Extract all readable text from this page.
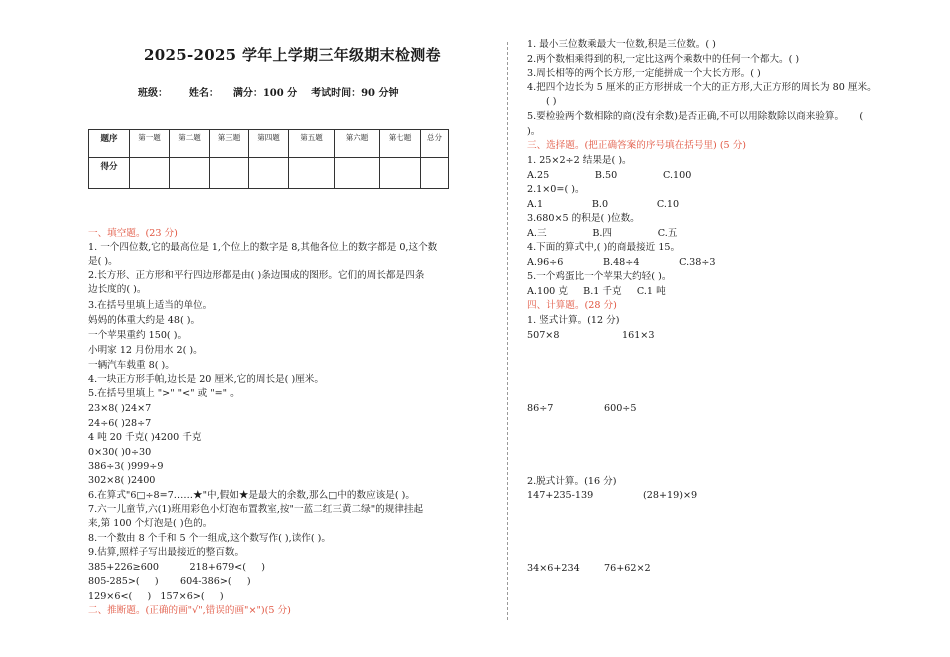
2025-2025 学年上学期三年级期末检测卷
班级：      姓名：    满分：100 分    考试时间：90 分钟
题序	第一题	第二题	第三题	第四题	第五题	第六题	第七题	总分
得分								
一、填空题。(23 分)
1. 一个四位数,它的最高位是 1,个位上的数字是 8,其他各位上的数字都是 0,这个数
是( )。
2.长方形、正方形和平行四边形都是由( )条边围成的图形。它们的周长都是四条
边长度的( )。
3.在括号里填上适当的单位。
妈妈的体重大约是 48( )。
一个苹果重约 150( )。
小明家 12 月份用水 2( )。
一辆汽车载重 8( )。
4.一块正方形手帕,边长是 20 厘米,它的周长是( )厘米。
5.在括号里填上 ">" "<" 或 "=" 。
23×8( )24×7
24÷6( )28÷7
4 吨 20 千克( )4200 千克
0×30( )0÷30
386÷3( )999÷9
302×8( )2400
6.在算式"6□÷8=7……★"中,假如★是最大的余数,那么□中的数应该是( )。
7.六一儿童节,六(1)班用彩色小灯泡布置教室,按"一蓝二红三黄二绿"的规律挂起
来,第 100 个灯泡是( )色的。
8.一个数由 8 个千和 5 个一组成,这个数写作( ),读作( )。
9.估算,照样子写出最接近的整百数。
385+226≥600          218+679<(     )
805-285>(     )       604-386>(     )
129×6<(     )   157×6>(     )
二、推断题。(正确的画"√",错误的画"×")(5 分)
1. 最小三位数乘最大一位数,积是三位数。( )
2.两个数相乘得到的积,一定比这两个乘数中的任何一个都大。( )
3.周长相等的两个长方形,一定能拼成一个大长方形。( )
4.把四个边长为 5 厘米的正方形拼成一个大的正方形,大正方形的周长为 80 厘米。
( )
5.要检验两个数相除的商(没有余数)是否正确,不可以用除数除以商来验算。     (
)。
三、选择题。(把正确答案的序号填在括号里) (5 分)
1. 25×2÷2 结果是( )。
A.25               B.50               C.100
2.1×0=( )。
A.1                B.0                C.10
3.680×5 的积是( )位数。
A.三               B.四               C.五
4.下面的算式中,( )的商最接近 15。
A.96÷6             B.48÷4             C.38÷3
5.一个鸡蛋比一个苹果大约轻( )。
A.100 克     B.1 千克     C.1 吨
四、计算题。(28 分)
1. 竖式计算。(12 分)
507×8	161×3
86÷7	600÷5
2.脱式计算。(16 分)
147+235-139	(28+19)×9
34×6+234	76+62×2
